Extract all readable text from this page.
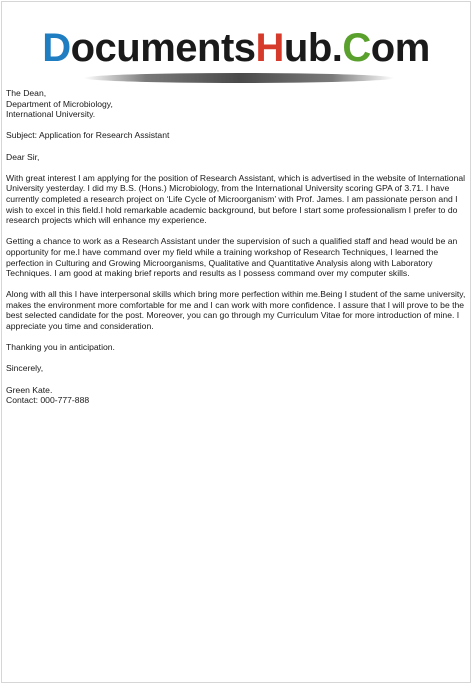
DocumentsHub.Com

The Dean,
Department of Microbiology,
International University.

Subject: Application for Research Assistant

Dear Sir,

With great interest I am applying for the position of Research Assistant, which is advertised in the website of International University yesterday. I did my B.S. (Hons.) Microbiology, from the International University scoring GPA of 3.71. I have currently completed a research project on ‘Life Cycle of Microorganism’ with Prof. James. I am passionate person and I wish to excel in this field.I hold remarkable academic background, but before I start some professionalism I prefer to do research projects which will enhance my experience.

Getting a chance to work as a Research Assistant under the supervision of such a qualified staff and head would be an opportunity for me.I have command over my field while a training workshop of Research Techniques, I learned the perfection in Culturing and Growing Microorganisms, Qualitative and Quantitative Analysis along with Laboratory Techniques. I am good at making brief reports and results as I possess command over my computer skills.

Along with all this I have interpersonal skills which bring more perfection within me.Being I student of the same university, makes the environment more comfortable for me and I can work with more confidence. I assure that I will prove to be the best selected candidate for the post. Moreover, you can go through my Curriculum Vitae for more introduction of mine. I appreciate you time and consideration.

Thanking you in anticipation.

Sincerely,

Green Kate.
Contact: 000-777-888
